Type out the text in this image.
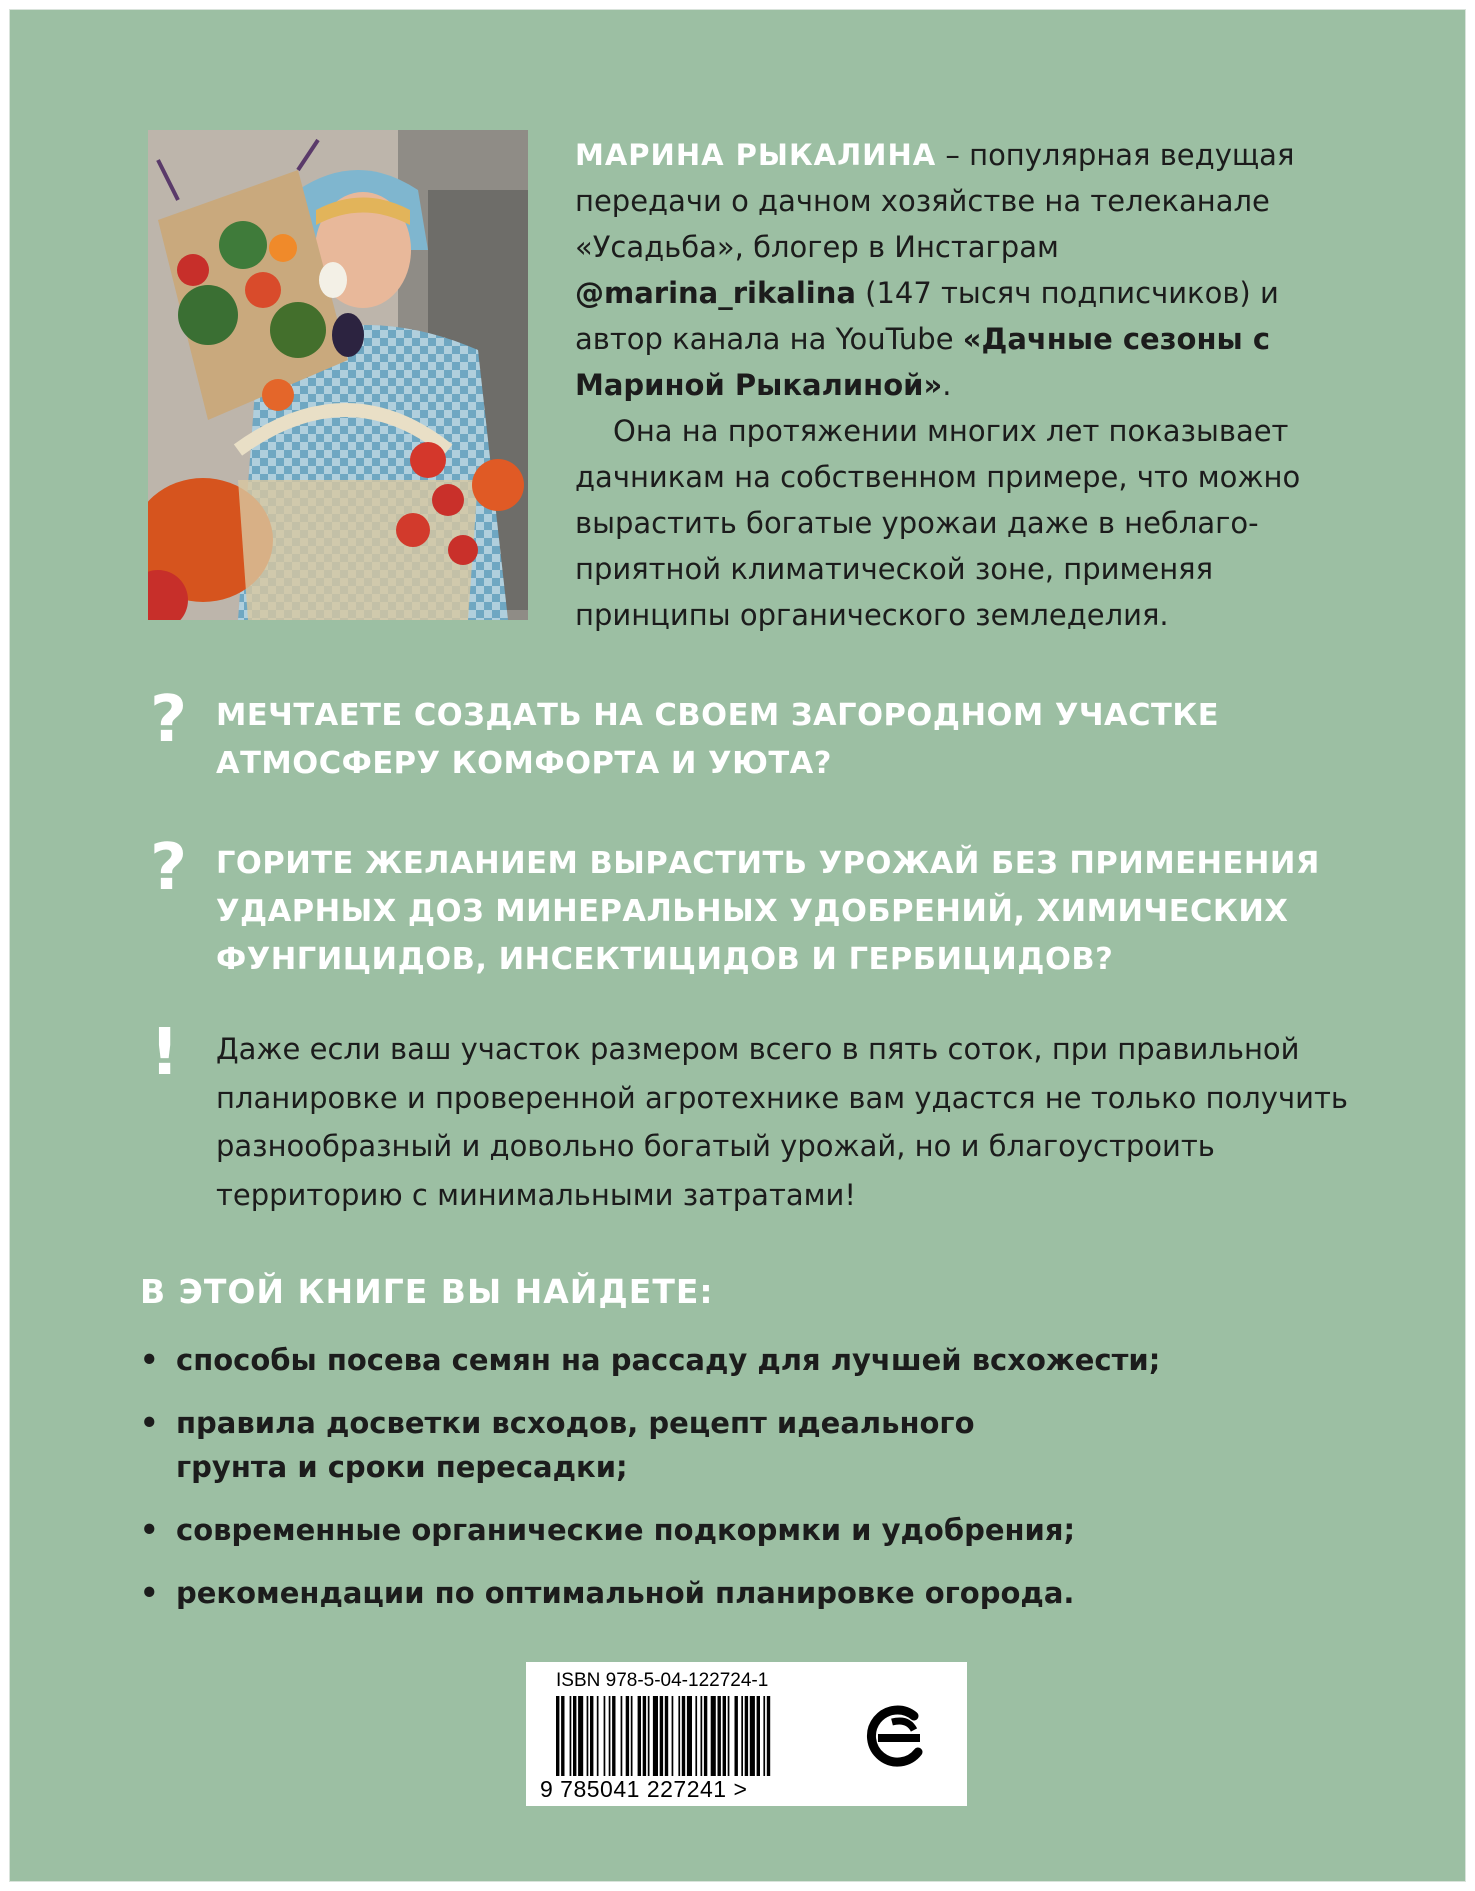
МАРИНА РЫКАЛИНА – популярная ведущая передачи о дачном хозяйстве на телеканале «Усадьба», блогер в Инстаграм @marina_rikalina (147 тысяч подписчиков) и автор канала на YouTube «Дачные сезоны с Мариной Рыкалиной».

Она на протяжении многих лет показывает дачникам на собственном примере, что можно вырастить богатые урожаи даже в неблаго-приятной климатической зоне, применяя принципы органического земледелия.

? МЕЧТАЕТЕ СОЗДАТЬ НА СВОЕМ ЗАГОРОДНОМ УЧАСТКЕ АТМОСФЕРУ КОМФОРТА И УЮТА?
? ГОРИТЕ ЖЕЛАНИЕМ ВЫРАСТИТЬ УРОЖАЙ БЕЗ ПРИМЕНЕНИЯ УДАРНЫХ ДОЗ МИНЕРАЛЬНЫХ УДОБРЕНИЙ, ХИМИЧЕСКИХ ФУНГИЦИДОВ, ИНСЕКТИЦИДОВ И ГЕРБИЦИДОВ?
!	Даже если ваш участок размером всего в пять соток, при правильной планировке и проверенной агротехнике вам удастся не только получить разнообразный и довольно богатый урожай, но и благоустроить территорию с минимальными затратами!
В ЭТОЙ КНИГЕ ВЫ НАЙДЕТЕ:
• способы посева семян на рассаду для лучшей всхожести;
• правила досветки всходов, рецепт идеального грунта и сроки пересадки;
• современные органические подкормки и удобрения;
• рекомендации по оптимальной планировке огорода.
ISBN 978-5-04-122724-1
9 785041 227241 >
